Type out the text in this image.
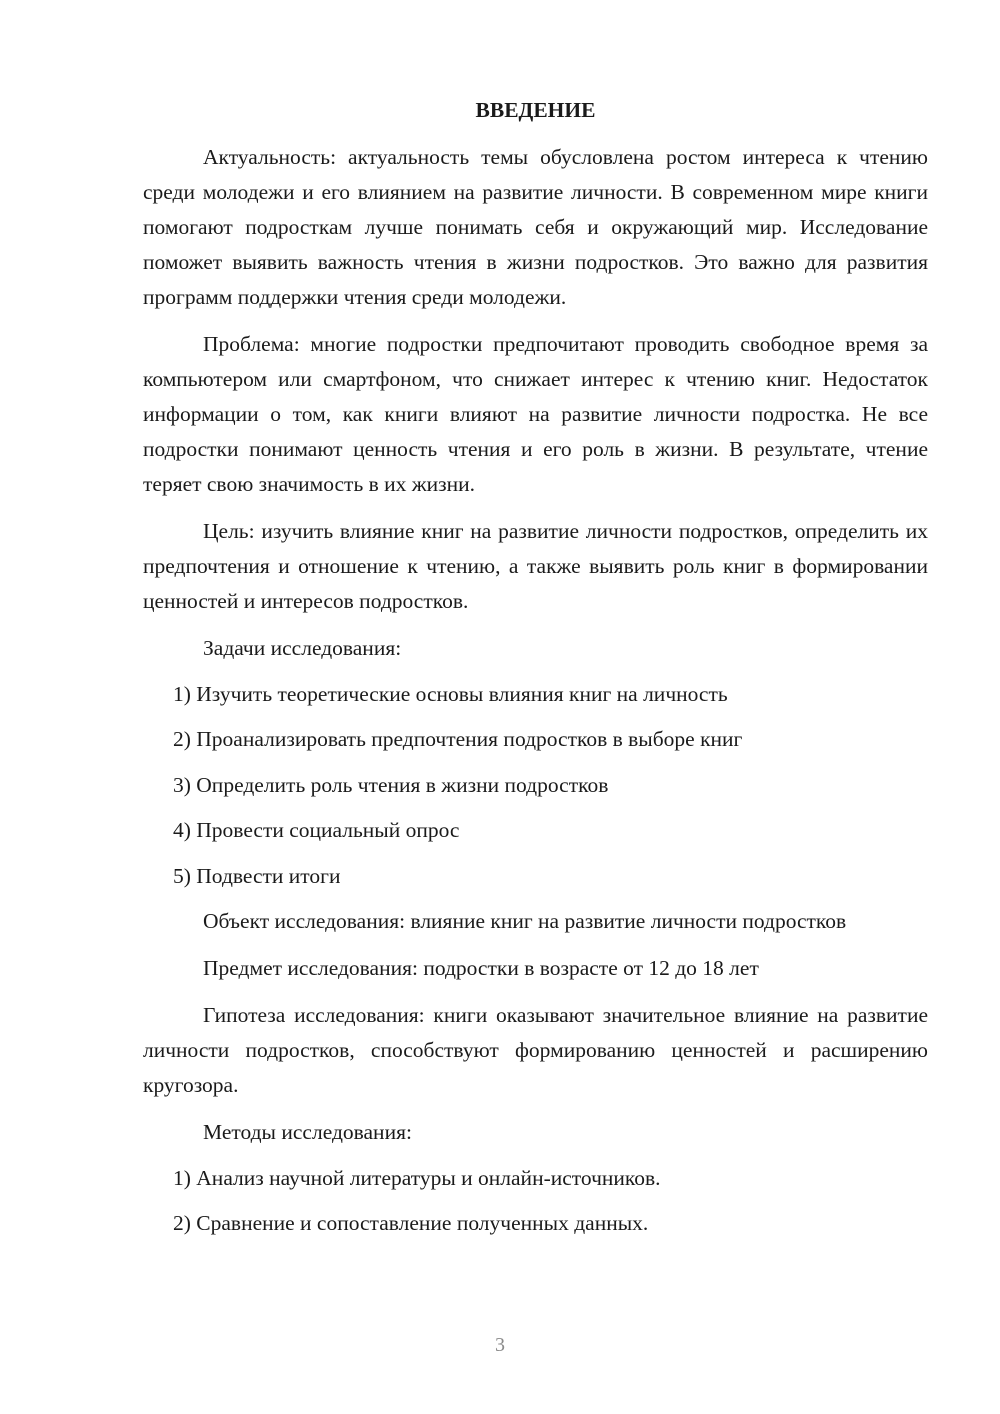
ВВЕДЕНИЕ

Актуальность: актуальность темы обусловлена ростом интереса к чтению среди молодежи и его влиянием на развитие личности. В современном мире книги помогают подросткам лучше понимать себя и окружающий мир. Исследование поможет выявить важность чтения в жизни подростков. Это важно для развития программ поддержки чтения среди молодежи.

Проблема: многие подростки предпочитают проводить свободное время за компьютером или смартфоном, что снижает интерес к чтению книг. Недостаток информации о том, как книги влияют на развитие личности подростка. Не все подростки понимают ценность чтения и его роль в жизни. В результате, чтение теряет свою значимость в их жизни.

Цель: изучить влияние книг на развитие личности подростков, определить их предпочтения и отношение к чтению, а также выявить роль книг в формировании ценностей и интересов подростков.

Задачи исследования:
1) Изучить теоретические основы влияния книг на личность
2) Проанализировать предпочтения подростков в выборе книг
3) Определить роль чтения в жизни подростков
4) Провести социальный опрос
5) Подвести итоги

Объект исследования: влияние книг на развитие личности подростков

Предмет исследования: подростки в возрасте от 12 до 18 лет

Гипотеза исследования: книги оказывают значительное влияние на развитие личности подростков, способствуют формированию ценностей и расширению кругозора.

Методы исследования:
1) Анализ научной литературы и онлайн-источников.
2) Сравнение и сопоставление полученных данных.
3
